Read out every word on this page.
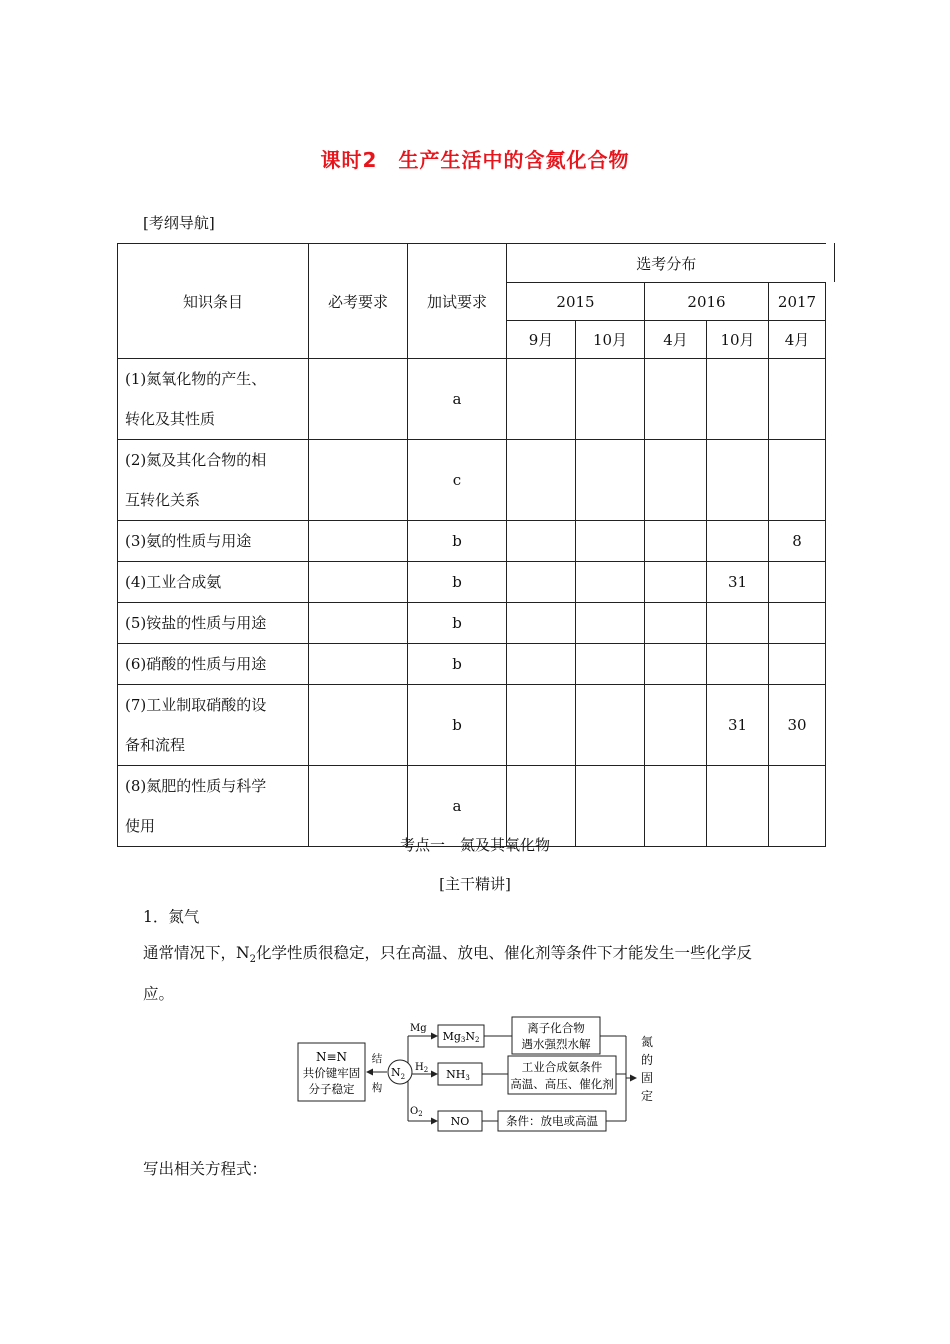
课时2　生产生活中的含氮化合物
[考纲导航]
知识条目	必考要求	加试要求	选考分布				
			2015		2016		2017
			9月	10月	4月	10月	4月

(1)氮氧化物的产生、
转化及其性质		a					

(2)氮及其化合物的相
互转化关系		c					
(3)氨的性质与用途		b					8
(4)工业合成氨		b				31	
(5)铵盐的性质与用途		b					
(6)硝酸的性质与用途		b					

(7)工业制取硝酸的设
备和流程		b				31	30

(8)氮肥的性质与科学
使用		a					
考点一　氮及其氧化物
[主干精讲]
1．氮气
通常情况下，$N_2$化学性质很稳定，只在高温、放电、催化剂等条件下才能发生一些化学反
应。
N≡N
共价键牢固
分子稳定
结
构
$N_2$
Mg
$H_2$
$O_2$
Mg3N2
NH3
NO
离子化合物
遇水强烈水解
工业合成氨条件
高温、高压、催化剂
条件：放电或高温
氮
的
固
定
写出相关方程式：
